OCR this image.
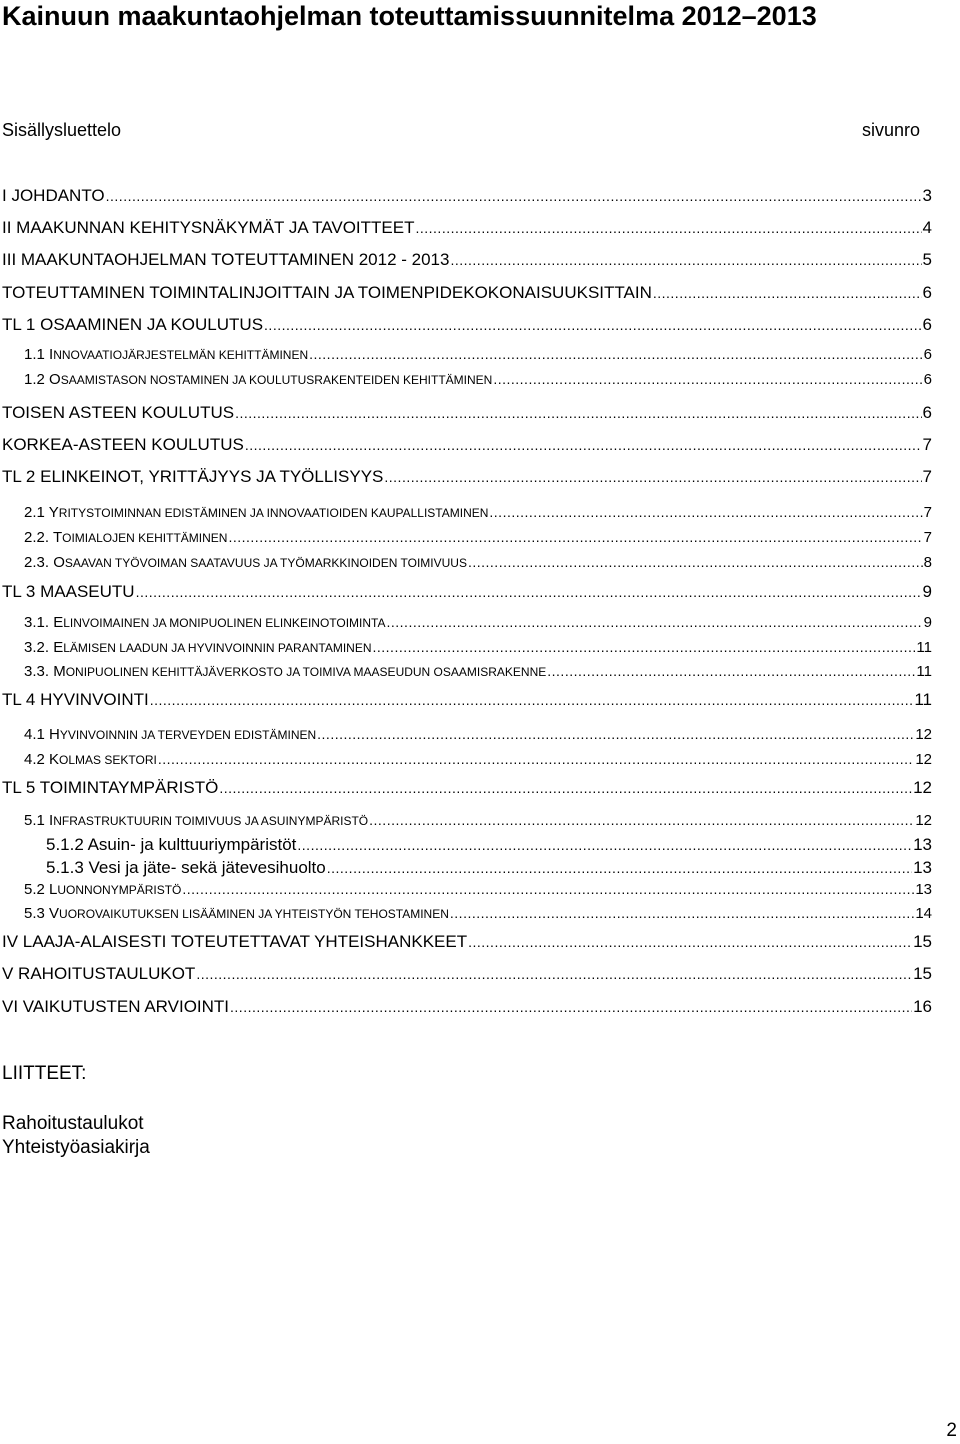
Kainuun maakuntaohjelman toteuttamissuunnitelma 2012–2013
Sisällysluettelo	sivunro
I JOHDANTO .....	3
II MAAKUNNAN KEHITYSNÄKYMÄT JA TAVOITTEET .....	4
III MAAKUNTAOHJELMAN TOTEUTTAMINEN 2012 - 2013 .....	5
TOTEUTTAMINEN TOIMINTALINJOITTAIN JA TOIMENPIDEKOKONAISUUKSITTAIN .....	6
TL 1 OSAAMINEN JA KOULUTUS .....	6
1.1 INNOVAATIOJÄRJESTELMÄN KEHITTÄMINEN .....	6
1.2 OSAAMISTASON NOSTAMINEN JA KOULUTUSRAKENTEIDEN KEHITTÄMINEN .....	6
TOISEN ASTEEN KOULUTUS .....	6
KORKEA-ASTEEN KOULUTUS .....	7
TL 2 ELINKEINOT, YRITTÄJYYS JA TYÖLLISYYS .....	7
2.1 YRITYSTOIMINNAN EDISTÄMINEN JA INNOVAATIOIDEN KAUPALLISTAMINEN .....	7
2.2. TOIMIALOJEN KEHITTÄMINEN .....	7
2.3. OSAAVAN TYÖVOIMAN SAATAVUUS JA TYÖMARKKINOIDEN TOIMIVUUS .....	8
TL 3 MAASEUTU .....	9
3.1. ELINVOIMAINEN JA MONIPUOLINEN ELINKEINOTOIMINTA .....	9
3.2. ELÄMISEN LAADUN JA HYVINVOINNIN PARANTAMINEN .....	11
3.3. MONIPUOLINEN KEHITTÄJÄVERKOSTO JA TOIMIVA MAASEUDUN OSAAMISRAKENNE .....	11
TL 4 HYVINVOINTI .....	11
4.1 HYVINVOINNIN JA TERVEYDEN EDISTÄMINEN .....	12
4.2 KOLMAS SEKTORI .....	12
TL 5 TOIMINTAYMPÄRISTÖ .....	12
5.1 INFRASTRUKTUURIN TOIMIVUUS JA ASUINYMPÄRISTÖ .....	12
5.1.2 Asuin- ja kulttuuriympäristöt .....	13
5.1.3 Vesi ja jäte- sekä jätevesihuolto .....	13
5.2 LUONNONYMPÄRISTÖ .....	13
5.3 VUOROVAIKUTUKSEN LISÄÄMINEN JA YHTEISTYÖN TEHOSTAMINEN .....	14
IV LAAJA-ALAISESTI TOTEUTETTAVAT YHTEISHANKKEET .....	15
V RAHOITUSTAULUKOT .....	15
VI VAIKUTUSTEN ARVIOINTI .....	16
LIITTEET:
Rahoitustaulukot
Yhteistyöasiakirja
2
